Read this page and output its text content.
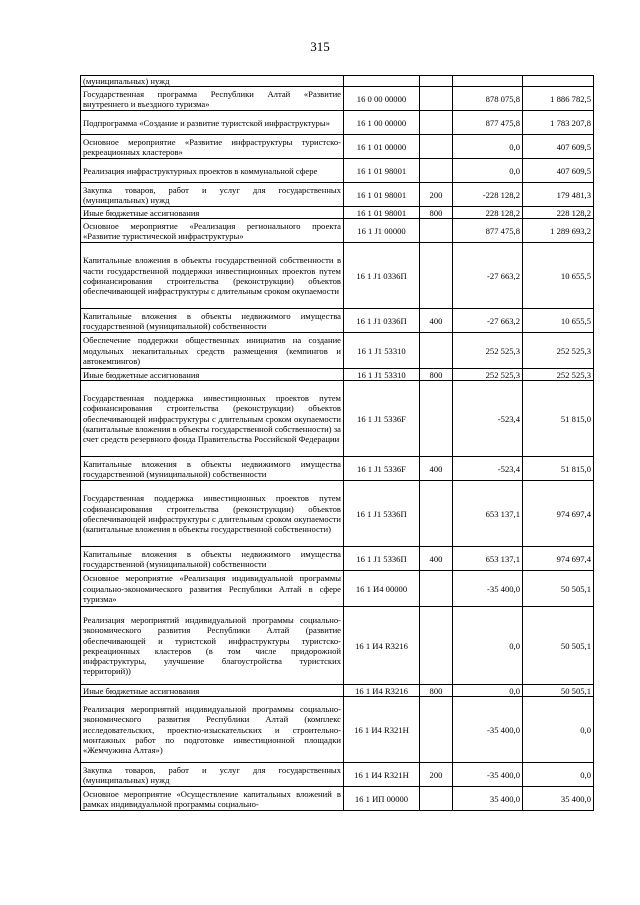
315
(муниципальных) нужд				
Государственная программа Республики Алтай «Развитие внутреннего и въездного туризма»	16 0 00 00000		878 075,8	1 886 782,5
Подпрограмма «Создание и развитие туристской инфраструктуры»	16 1 00 00000		877 475,8	1 783 207,8
Основное мероприятие «Развитие инфраструктуры туристско-рекреационных кластеров»	16 1 01 00000		0,0	407 609,5
Реализация инфраструктурных проектов в коммунальной сфере	16 1 01 98001		0,0	407 609,5
Закупка товаров, работ и услуг для государственных (муниципальных) нужд	16 1 01 98001	200	-228 128,2	179 481,3
Иные бюджетные ассигнования	16 1 01 98001	800	228 128,2	228 128,2
Основное мероприятие «Реализация регионального проекта «Развитие туристической инфраструктуры»	16 1 J1 00000		877 475,8	1 289 693,2
Капитальные вложения в объекты государственной собственности в части государственной поддержки инвестиционных проектов путем софинансирования строительства (реконструкции) объектов обеспечивающей инфраструктуры с длительным сроком окупаемости	16 1 J1 0336П		-27 663,2	10 655,5
Капитальные вложения в объекты недвижимого имущества государственной (муниципальной) собственности	16 1 J1 0336П	400	-27 663,2	10 655,5
Обеспечение поддержки общественных инициатив на создание модульных некапитальных средств размещения (кемпингов и автокемпингов)	16 1 J1 53310		252 525,3	252 525,3
Иные бюджетные ассигнования	16 1 J1 53310	800	252 525,3	252 525,3
Государственная поддержка инвестиционных проектов путем софинансирования строительства (реконструкции) объектов обеспечивающей инфраструктуры с длительным сроком окупаемости (капитальные вложения в объекты государственной собственности) за счет средств резервного фонда Правительства Российской Федерации	16 1 J1 5336F		-523,4	51 815,0
Капитальные вложения в объекты недвижимого имущества государственной (муниципальной) собственности	16 1 J1 5336F	400	-523,4	51 815,0
Государственная поддержка инвестиционных проектов путем софинансирования строительства (реконструкции) объектов обеспечивающей инфраструктуры с длительным сроком окупаемости (капитальные вложения в объекты государственной собственности)	16 1 J1 5336П		653 137,1	974 697,4
Капитальные вложения в объекты недвижимого имущества государственной (муниципальной) собственности	16 1 J1 5336П	400	653 137,1	974 697,4
Основное мероприятие «Реализация индивидуальной программы социально-экономического развития Республики Алтай в сфере туризма»	16 1 И4 00000		-35 400,0	50 505,1
Реализация мероприятий индивидуальной программы социально-экономического развития Республики Алтай (развитие обеспечивающей и туристской инфраструктуры туристско-рекреационных кластеров (в том числе придорожной инфраструктуры, улучшение благоустройства туристских территорий))	16 1 И4 R3216		0,0	50 505,1
Иные бюджетные ассигнования	16 1 И4 R3216	800	0,0	50 505,1
Реализация мероприятий индивидуальной программы социально-экономического развития Республики Алтай (комплекс исследовательских, проектно-изыскательских и строительно-монтажных работ по подготовке инвестиционной площадки «Жемчужина Алтая»)	16 1 И4 R321Н		-35 400,0	0,0
Закупка товаров, работ и услуг для государственных (муниципальных) нужд	16 1 И4 R321Н	200	-35 400,0	0,0
Основное мероприятие «Осуществление капитальных вложений в рамках индивидуальной программы социально-	16 1 ИП 00000		35 400,0	35 400,0
